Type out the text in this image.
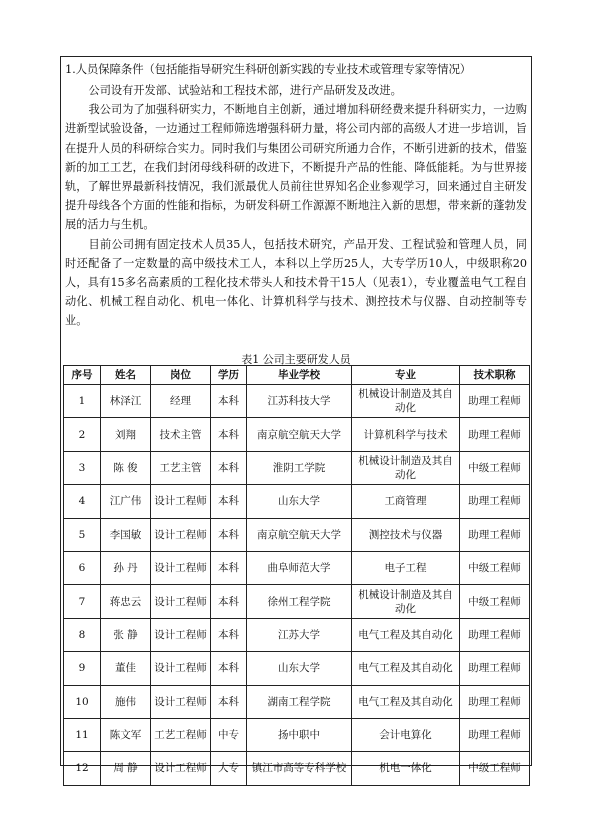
1.人员保障条件（包括能指导研究生科研创新实践的专业技术或管理专家等情况）

公司设有开发部、试验站和工程技术部，进行产品研发及改进。

我公司为了加强科研实力，不断地自主创新，通过增加科研经费来提升科研实力，一边购进新型试验设备，一边通过工程师筛选增强科研力量，将公司内部的高级人才进一步培训，旨在提升人员的科研综合实力。同时我们与集团公司研究所通力合作，不断引进新的技术，借鉴新的加工工艺，在我们封闭母线科研的改进下，不断提升产品的性能、降低能耗。为与世界接轨，了解世界最新科技情况，我们派最优人员前往世界知名企业参观学习，回来通过自主研发提升母线各个方面的性能和指标，为研发科研工作源源不断地注入新的思想，带来新的蓬勃发展的活力与生机。

目前公司拥有固定技术人员35人，包括技术研究，产品开发、工程试验和管理人员，同时还配备了一定数量的高中级技术工人，本科以上学历25人，大专学历10人，中级职称20人，具有15多名高素质的工程化技术带头人和技术骨干15人（见表1），专业覆盖电气工程自动化、机械工程自动化、机电一体化、计算机科学与技术、测控技术与仪器、自动控制等专业。

表1 公司主要研发人员
序号	姓名	岗位	学历	毕业学校	专业	技术职称
1	林泽江	经理	本科	江苏科技大学	机械设计制造及其自动化	助理工程师
2	刘翔	技术主管	本科	南京航空航天大学	计算机科学与技术	助理工程师
3	陈 俊	工艺主管	本科	淮阴工学院	机械设计制造及其自动化	中级工程师
4	江广伟	设计工程师	本科	山东大学	工商管理	助理工程师
5	李国敏	设计工程师	本科	南京航空航天大学	测控技术与仪器	助理工程师
6	孙 丹	设计工程师	本科	曲阜师范大学	电子工程	中级工程师
7	蒋忠云	设计工程师	本科	徐州工程学院	机械设计制造及其自动化	中级工程师
8	张 静	设计工程师	本科	江苏大学	电气工程及其自动化	助理工程师
9	董佳	设计工程师	本科	山东大学	电气工程及其自动化	助理工程师
10	施伟	设计工程师	本科	湖南工程学院	电气工程及其自动化	助理工程师
11	陈文军	工艺工程师	中专	扬中职中	会计电算化	助理工程师
12	周 静	设计工程师	大专	镇江市高等专科学校	机电一体化	中级工程师
